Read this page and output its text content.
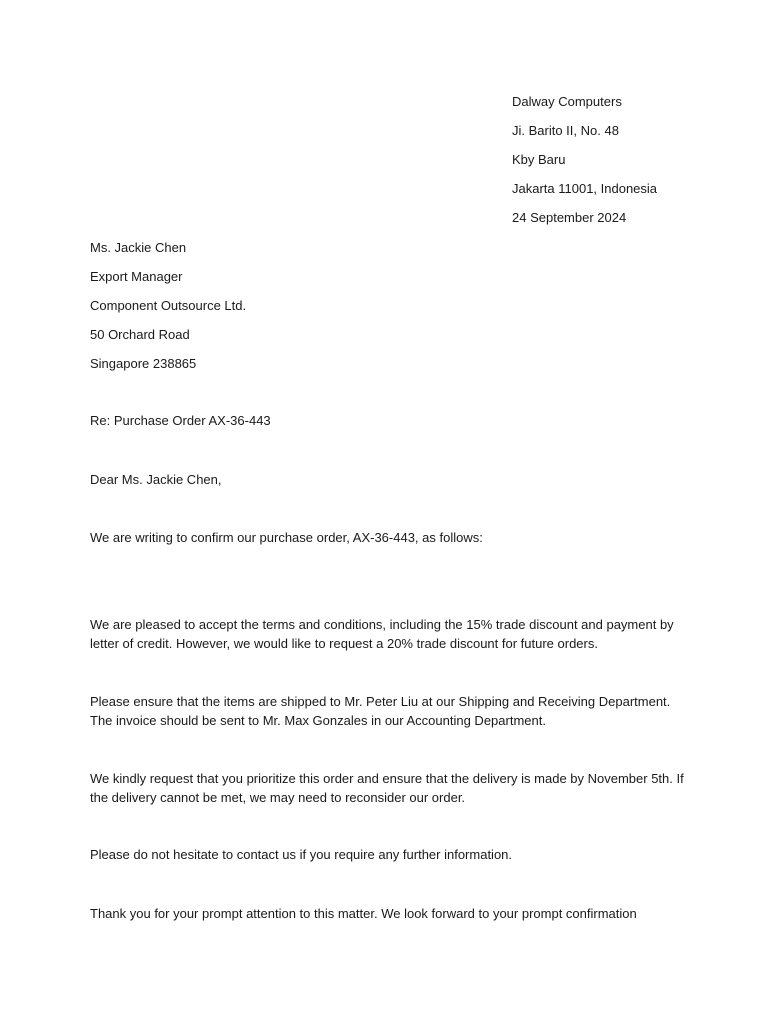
Dalway Computers
Ji. Barito II, No. 48
Kby Baru
Jakarta 11001, Indonesia
24 September 2024
Ms. Jackie Chen
Export Manager
Component Outsource Ltd.
50 Orchard Road
Singapore 238865
Re: Purchase Order AX-36-443
Dear Ms. Jackie Chen,
We are writing to confirm our purchase order, AX-36-443, as follows:
We are pleased to accept the terms and conditions, including the 15% trade discount and payment by letter of credit. However, we would like to request a 20% trade discount for future orders.
Please ensure that the items are shipped to Mr. Peter Liu at our Shipping and Receiving Department. The invoice should be sent to Mr. Max Gonzales in our Accounting Department.
We kindly request that you prioritize this order and ensure that the delivery is made by November 5th. If the delivery cannot be met, we may need to reconsider our order.
Please do not hesitate to contact us if you require any further information.
Thank you for your prompt attention to this matter. We look forward to your prompt confirmation
